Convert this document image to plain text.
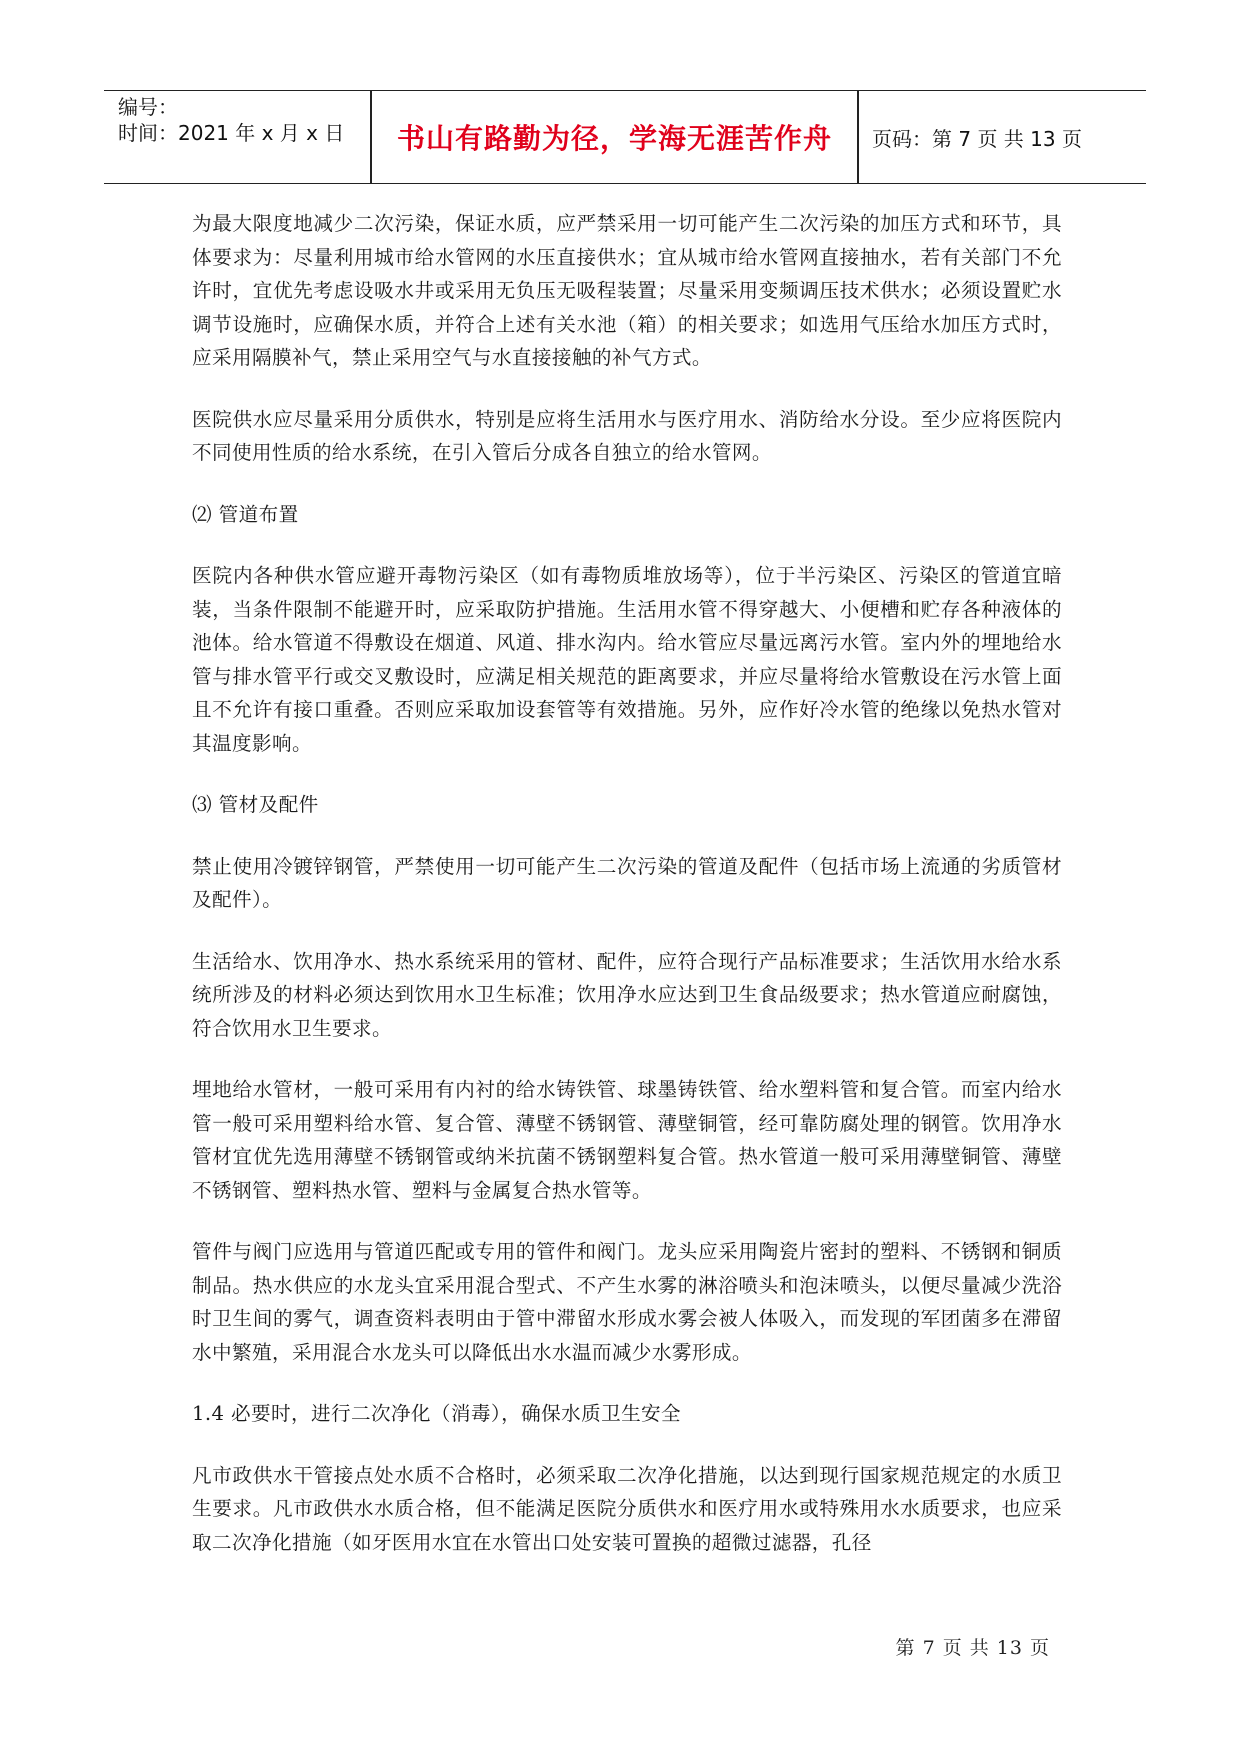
编号：
时间：2021 年 x 月 x 日	书山有路勤为径，学海无涯苦作舟	页码：第 7 页 共 13 页

为最大限度地减少二次污染，保证水质，应严禁采用一切可能产生二次污染的加压方式和环节，具体要求为：尽量利用城市给水管网的水压直接供水；宜从城市给水管网直接抽水，若有关部门不允许时，宜优先考虑设吸水井或采用无负压无吸程装置；尽量采用变频调压技术供水；必须设置贮水调节设施时，应确保水质，并符合上述有关水池（箱）的相关要求；如选用气压给水加压方式时，应采用隔膜补气，禁止采用空气与水直接接触的补气方式。

医院供水应尽量采用分质供水，特别是应将生活用水与医疗用水、消防给水分设。至少应将医院内不同使用性质的给水系统，在引入管后分成各自独立的给水管网。

⑵ 管道布置

医院内各种供水管应避开毒物污染区（如有毒物质堆放场等），位于半污染区、污染区的管道宜暗装，当条件限制不能避开时，应采取防护措施。生活用水管不得穿越大、小便槽和贮存各种液体的池体。给水管道不得敷设在烟道、风道、排水沟内。给水管应尽量远离污水管。室内外的埋地给水管与排水管平行或交叉敷设时，应满足相关规范的距离要求，并应尽量将给水管敷设在污水管上面且不允许有接口重叠。否则应采取加设套管等有效措施。另外，应作好冷水管的绝缘以免热水管对其温度影响。

⑶ 管材及配件

禁止使用冷镀锌钢管，严禁使用一切可能产生二次污染的管道及配件（包括市场上流通的劣质管材及配件）。

生活给水、饮用净水、热水系统采用的管材、配件，应符合现行产品标准要求；生活饮用水给水系统所涉及的材料必须达到饮用水卫生标准；饮用净水应达到卫生食品级要求；热水管道应耐腐蚀，符合饮用水卫生要求。

埋地给水管材，一般可采用有内衬的给水铸铁管、球墨铸铁管、给水塑料管和复合管。而室内给水管一般可采用塑料给水管、复合管、薄壁不锈钢管、薄壁铜管，经可靠防腐处理的钢管。饮用净水管材宜优先选用薄壁不锈钢管或纳米抗菌不锈钢塑料复合管。热水管道一般可采用薄壁铜管、薄壁不锈钢管、塑料热水管、塑料与金属复合热水管等。

管件与阀门应选用与管道匹配或专用的管件和阀门。龙头应采用陶瓷片密封的塑料、不锈钢和铜质制品。热水供应的水龙头宜采用混合型式、不产生水雾的淋浴喷头和泡沫喷头，以便尽量减少洗浴时卫生间的雾气，调查资料表明由于管中滞留水形成水雾会被人体吸入，而发现的军团菌多在滞留水中繁殖，采用混合水龙头可以降低出水水温而减少水雾形成。

1.4 必要时，进行二次净化（消毒），确保水质卫生安全

凡市政供水干管接点处水质不合格时，必须采取二次净化措施，以达到现行国家规范规定的水质卫生要求。凡市政供水水质合格，但不能满足医院分质供水和医疗用水或特殊用水水质要求，也应采取二次净化措施（如牙医用水宜在水管出口处安装可置换的超微过滤器，孔径

第 7 页 共 13 页
